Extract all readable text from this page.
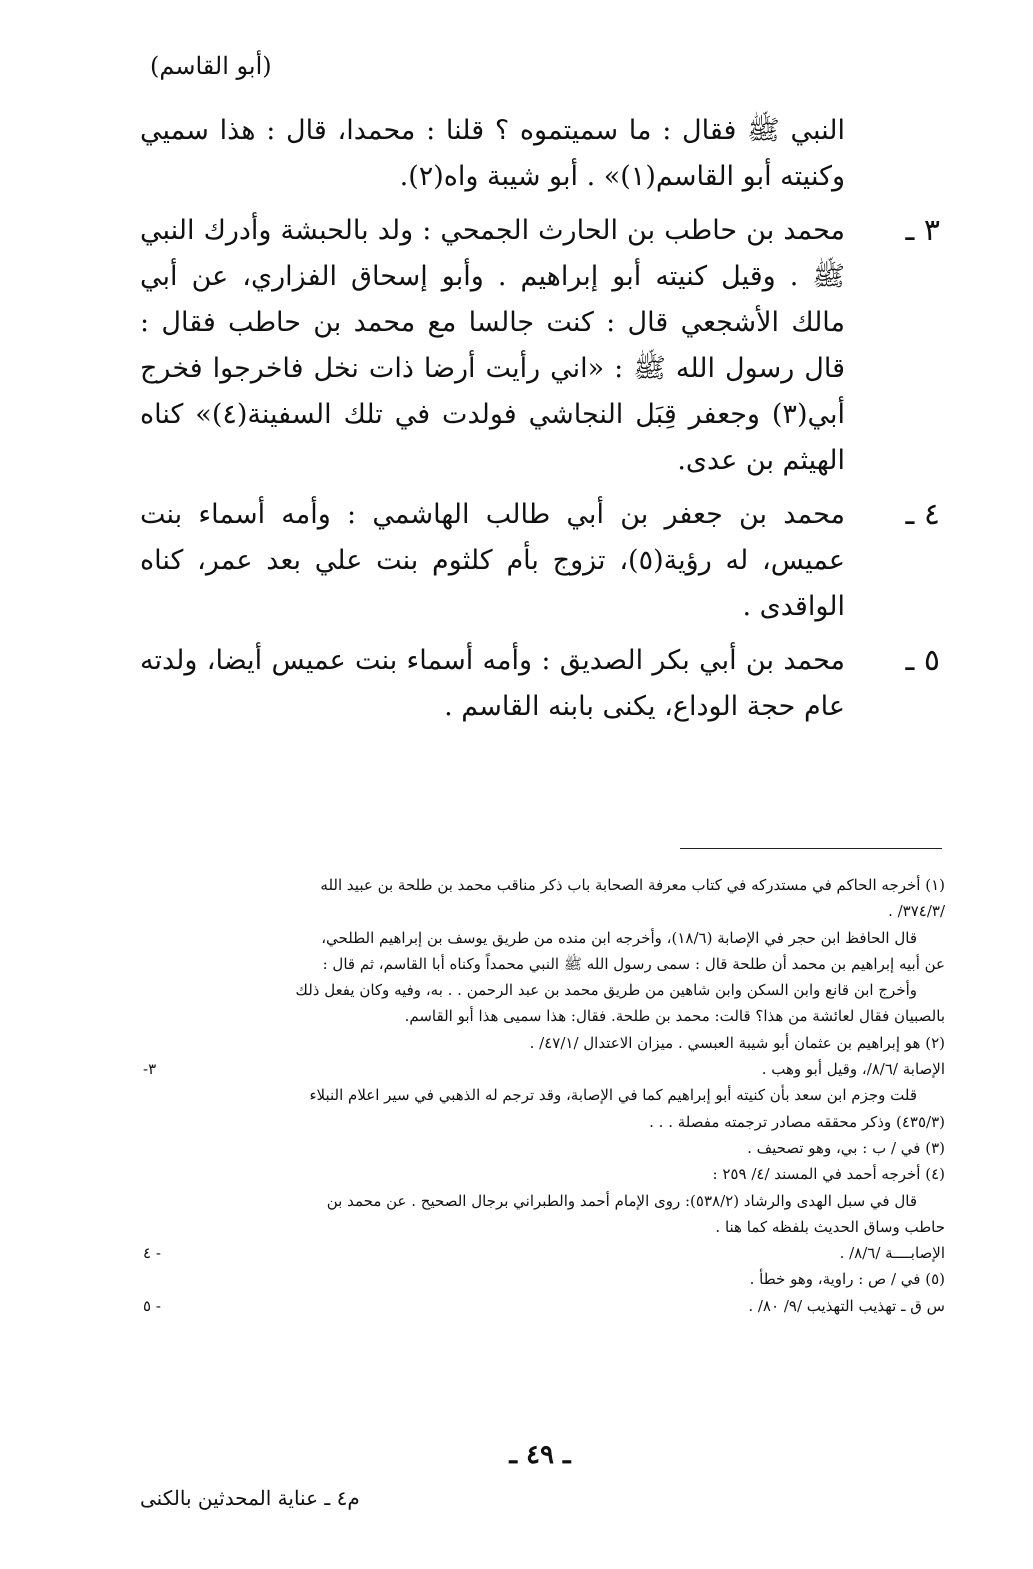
(أبو القاسم)
النبي ﷺ فقال : ما سميتموه ؟ قلنا : محمدا، قال : هذا سميي وكنيته أبو القاسم(١)» . أبو شيبة واه(٢).
٣ ـ
محمد بن حاطب بن الحارث الجمحي : ولد بالحبشة وأدرك النبي ﷺ . وقيل كنيته أبو إبراهيم . وأبو إسحاق الفزاري، عن أبي مالك الأشجعي قال : كنت جالسا مع محمد بن حاطب فقال : قال رسول الله ﷺ : «اني رأيت أرضا ذات نخل فاخرجوا فخرج أبي(٣) وجعفر قِبَل النجاشي فولدت في تلك السفينة(٤)» كناه الهيثم بن عدى.
٤ ـ
محمد بن جعفر بن أبي طالب الهاشمي : وأمه أسماء بنت عميس، له رؤية(٥)، تزوج بأم كلثوم بنت علي بعد عمر، كناه الواقدى .
٥ ـ
محمد بن أبي بكر الصديق : وأمه أسماء بنت عميس أيضا، ولدته عام حجة الوداع، يكنى بابنه القاسم .
(١) أخرجه الحاكم في مستدركه في كتاب معرفة الصحابة باب ذكر مناقب محمد بن طلحة بن عبيد الله
/٣٧٤/٣/ .
قال الحافظ ابن حجر في الإصابة (١٨/٦)، وأخرجه ابن منده من طريق يوسف بن إبراهيم الطلحي،
عن أبيه إبراهيم بن محمد أن طلحة قال : سمى رسول الله ﷺ النبي محمداً وكناه أبا القاسم، ثم قال :
وأخرج ابن قانع وابن السكن وابن شاهين من طريق محمد بن عبد الرحمن . . به، وفيه وكان يفعل ذلك
بالصبيان فقال لعائشة من هذا؟ قالت: محمد بن طلحة. فقال: هذا سميى هذا أبو القاسم.
(٢) هو إبراهيم بن عثمان أبو شيبة العبسي . ميزان الاعتدال /٤٧/١/ .
-٣	الإصابة /٨/٦/، وقيل أبو وهب .
قلت وجزم ابن سعد بأن كنيته أبو إبراهيم كما في الإصابة، وقد ترجم له الذهبي في سير اعلام النبلاء
(٤٣٥/٣) وذكر محققه مصادر ترجمته مفصلة . . .
(٣) في / ب : بي، وهو تصحيف .
(٤) أخرجه أحمد في المسند /٤/ ٢٥٩ :
قال في سبل الهدى والرشاد (٥٣٨/٢): روى الإمام أحمد والطبراني برجال الصحيح . عن محمد بن
حاطب وساق الحديث بلفظه كما هنا .
٤ -	الإصابــــة /٨/٦/ .
(٥) في / ص : راوية، وهو خطأ .
٥ -	س ق ـ تهذيب التهذيب /٩/ ٨٠/ .
ـ ٤٩ ـ
م٤ ـ عناية المحدثين بالكنى
